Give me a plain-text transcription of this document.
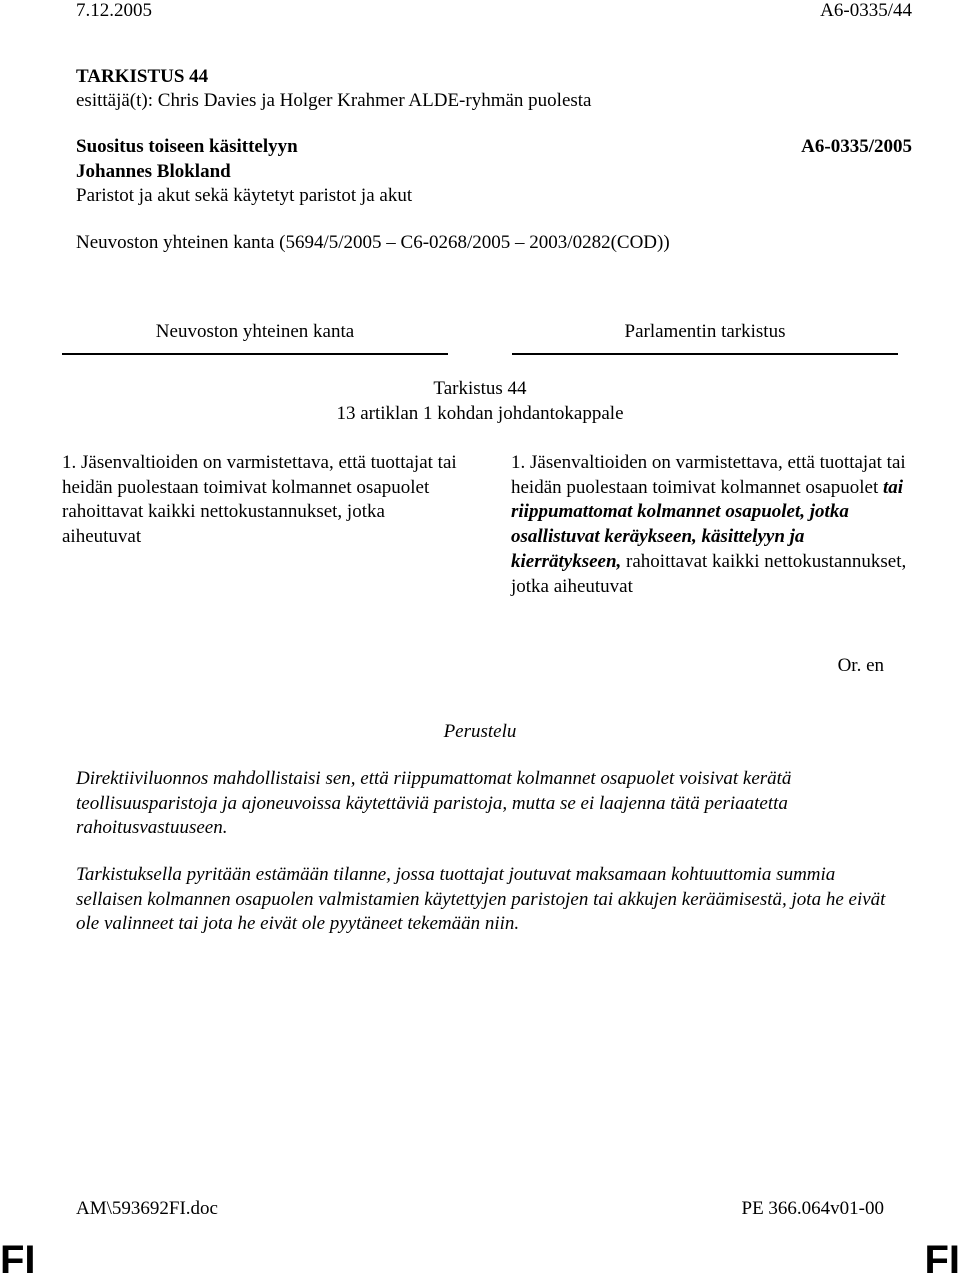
7.12.2005	A6-0335/44
TARKISTUS 44
esittäjä(t): Chris Davies ja Holger Krahmer ALDE-ryhmän puolesta
Suositus toiseen käsittelyyn	A6-0335/2005
Johannes Blokland
Paristot ja akut sekä käytetyt paristot ja akut
Neuvoston yhteinen kanta (5694/5/2005 – C6-0268/2005 – 2003/0282(COD))
Neuvoston yhteinen kanta	Parlamentin tarkistus
Tarkistus 44
13 artiklan 1 kohdan johdantokappale
1. Jäsenvaltioiden on varmistettava, että tuottajat tai heidän puolestaan toimivat kolmannet osapuolet rahoittavat kaikki nettokustannukset, jotka aiheutuvat
1. Jäsenvaltioiden on varmistettava, että tuottajat tai heidän puolestaan toimivat kolmannet osapuolet tai riippumattomat kolmannet osapuolet, jotka osallistuvat keräykseen, käsittelyyn ja kierrätykseen, rahoittavat kaikki nettokustannukset, jotka aiheutuvat
Or. en
Perustelu
Direktiiviluonnos mahdollistaisi sen, että riippumattomat kolmannet osapuolet voisivat kerätä teollisuusparistoja ja ajoneuvoissa käytettäviä paristoja, mutta se ei laajenna tätä periaatetta rahoitusvastuuseen.
Tarkistuksella pyritään estämään tilanne, jossa tuottajat joutuvat maksamaan kohtuuttomia summia sellaisen kolmannen osapuolen valmistamien käytettyjen paristojen tai akkujen keräämisestä, jota he eivät ole valinneet tai jota he eivät ole pyytäneet tekemään niin.
AM\593692FI.doc	PE 366.064v01-00
FI	FI
